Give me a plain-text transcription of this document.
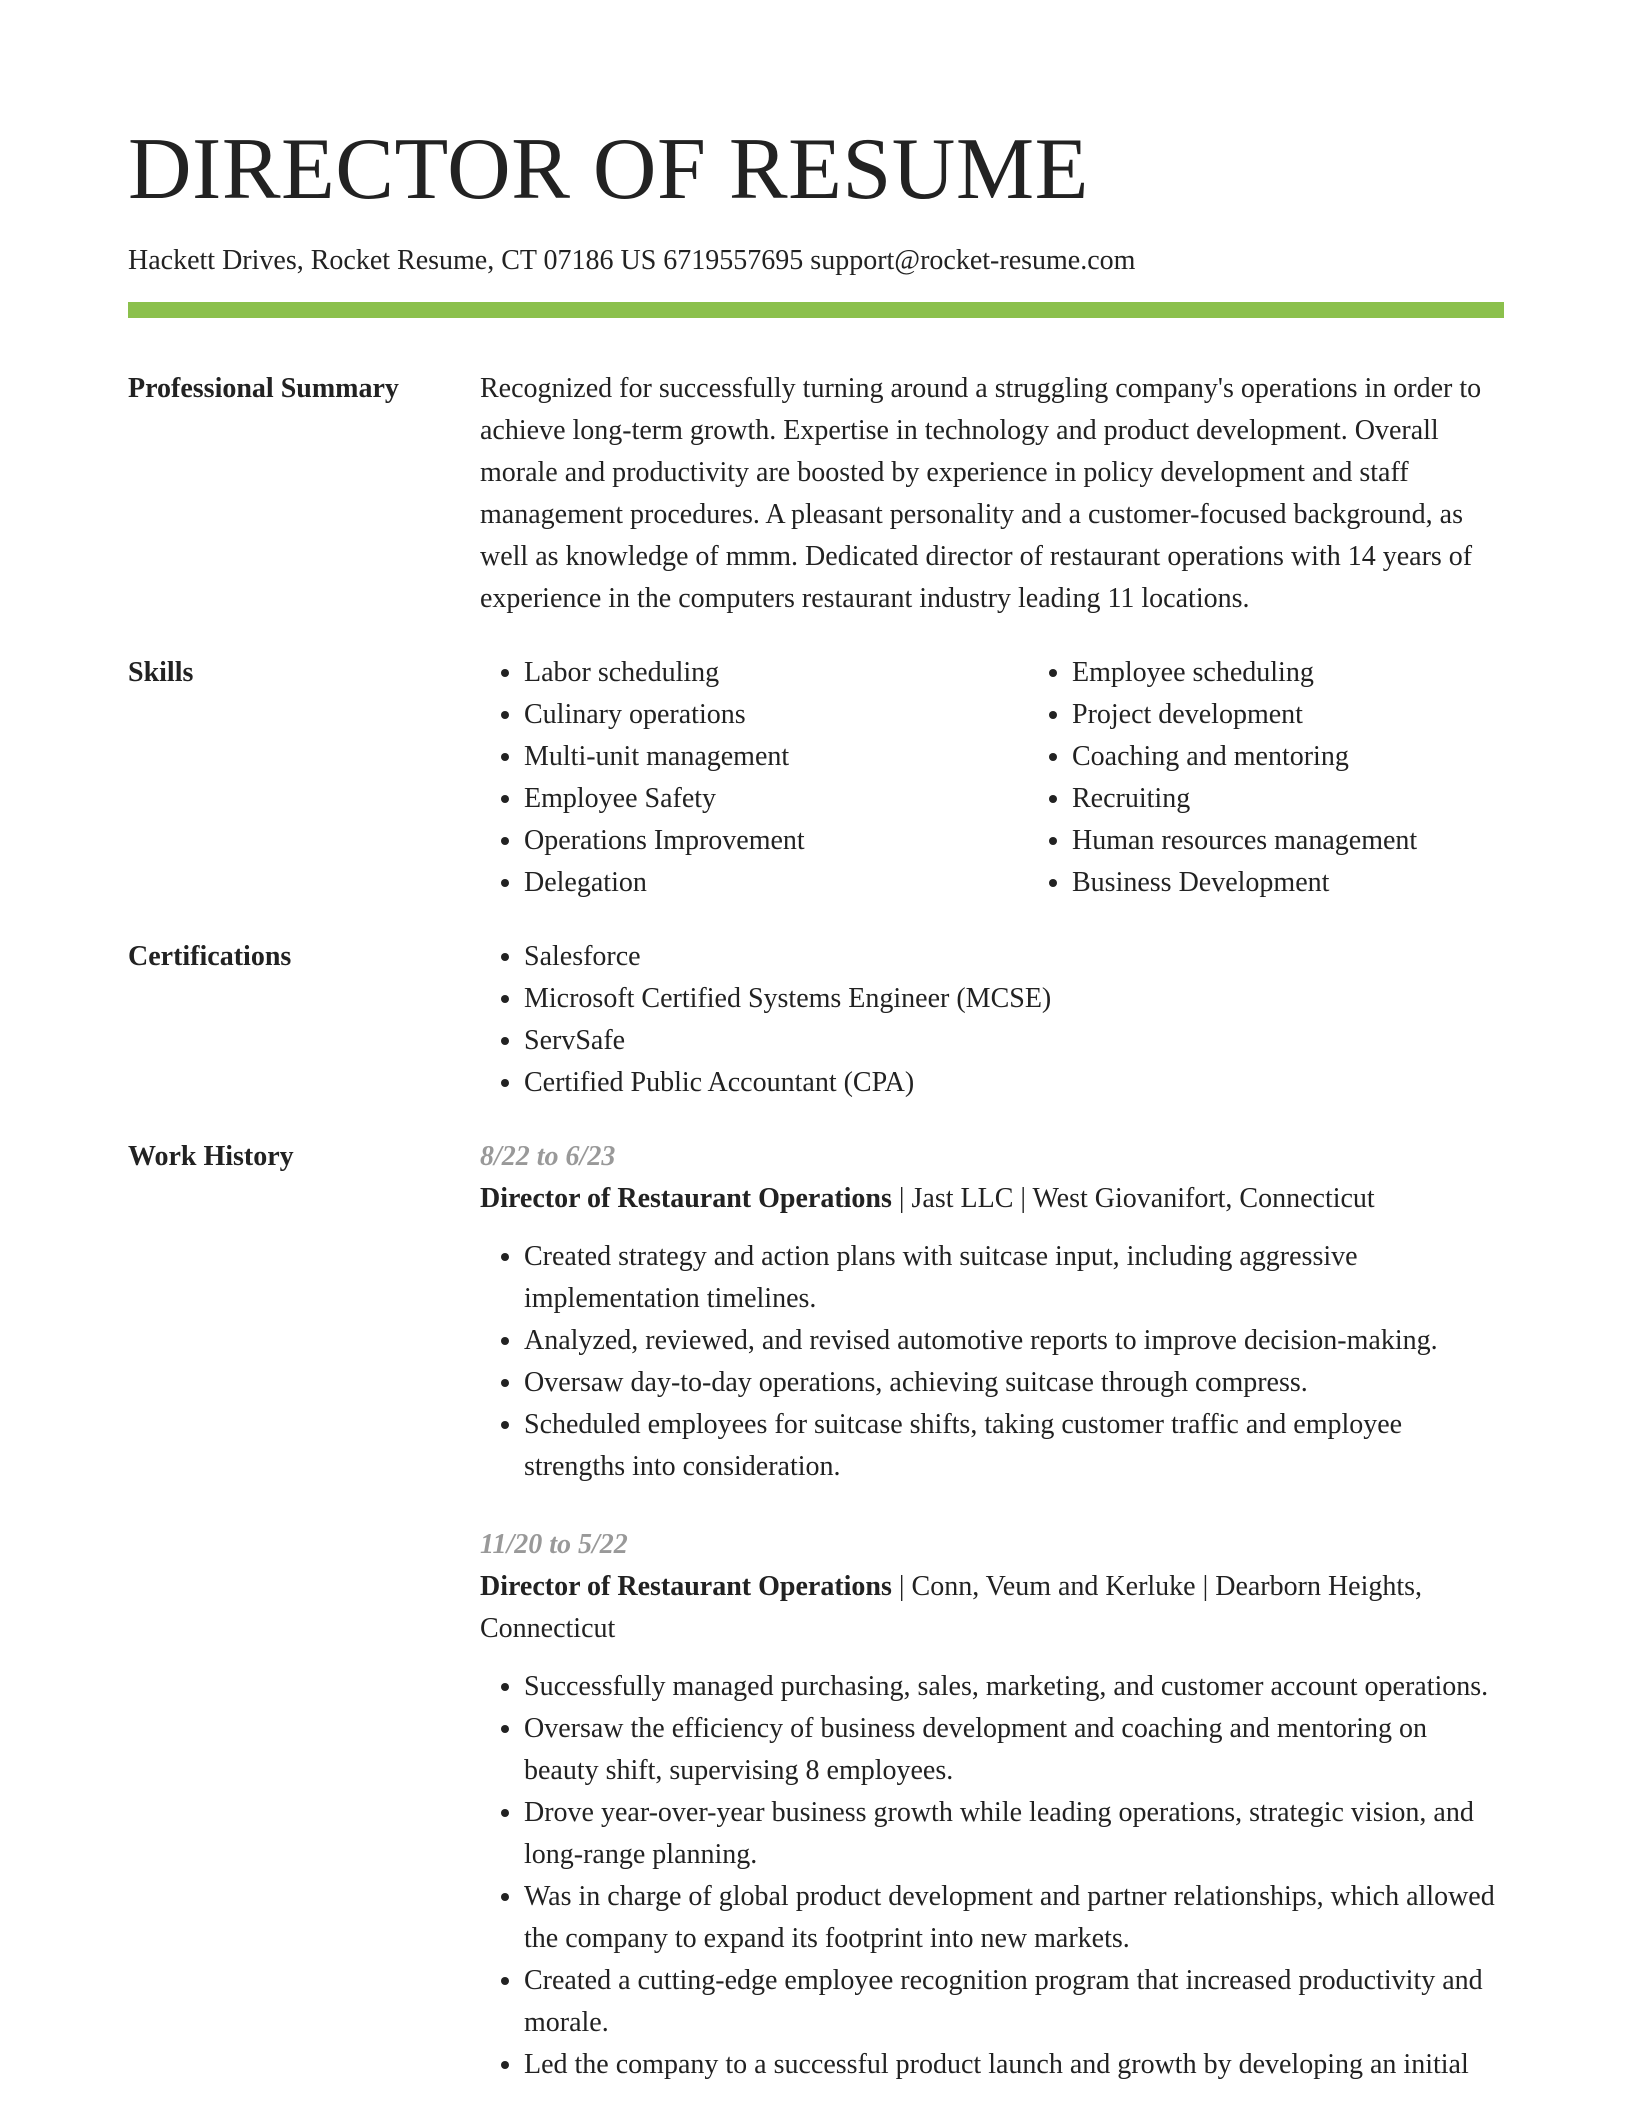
DIRECTOR OF RESUME
Hackett Drives, Rocket Resume, CT 07186 US 6719557695 support@rocket-resume.com
Professional Summary	Recognized for successfully turning around a struggling company's operations in order to achieve long-term growth. Expertise in technology and product development. Overall morale and productivity are boosted by experience in policy development and staff management procedures. A pleasant personality and a customer-focused background, as well as knowledge of mmm. Dedicated director of restaurant operations with 14 years of experience in the computers restaurant industry leading 11 locations.

Skills	• Labor scheduling
• Culinary operations
• Multi-unit management
• Employee Safety
• Operations Improvement
• Delegation
• Employee scheduling
• Project development
• Coaching and mentoring
• Recruiting
• Human resources management
• Business Development
Certifications	• Salesforce
• Microsoft Certified Systems Engineer (MCSE)
• ServSafe
• Certified Public Accountant (CPA)
Work History	8/22 to 6/23
Director of Restaurant Operations | Jast LLC | West Giovanifort, Connecticut
• Created strategy and action plans with suitcase input, including aggressive implementation timelines.
• Analyzed, reviewed, and revised automotive reports to improve decision-making.
• Oversaw day-to-day operations, achieving suitcase through compress.
• Scheduled employees for suitcase shifts, taking customer traffic and employee strengths into consideration.
11/20 to 5/22
Director of Restaurant Operations | Conn, Veum and Kerluke | Dearborn Heights, Connecticut
• Successfully managed purchasing, sales, marketing, and customer account operations.
• Oversaw the efficiency of business development and coaching and mentoring on beauty shift, supervising 8 employees.
• Drove year-over-year business growth while leading operations, strategic vision, and long-range planning.
• Was in charge of global product development and partner relationships, which allowed the company to expand its footprint into new markets.
• Created a cutting-edge employee recognition program that increased productivity and morale.
• Led the company to a successful product launch and growth by developing an initial
